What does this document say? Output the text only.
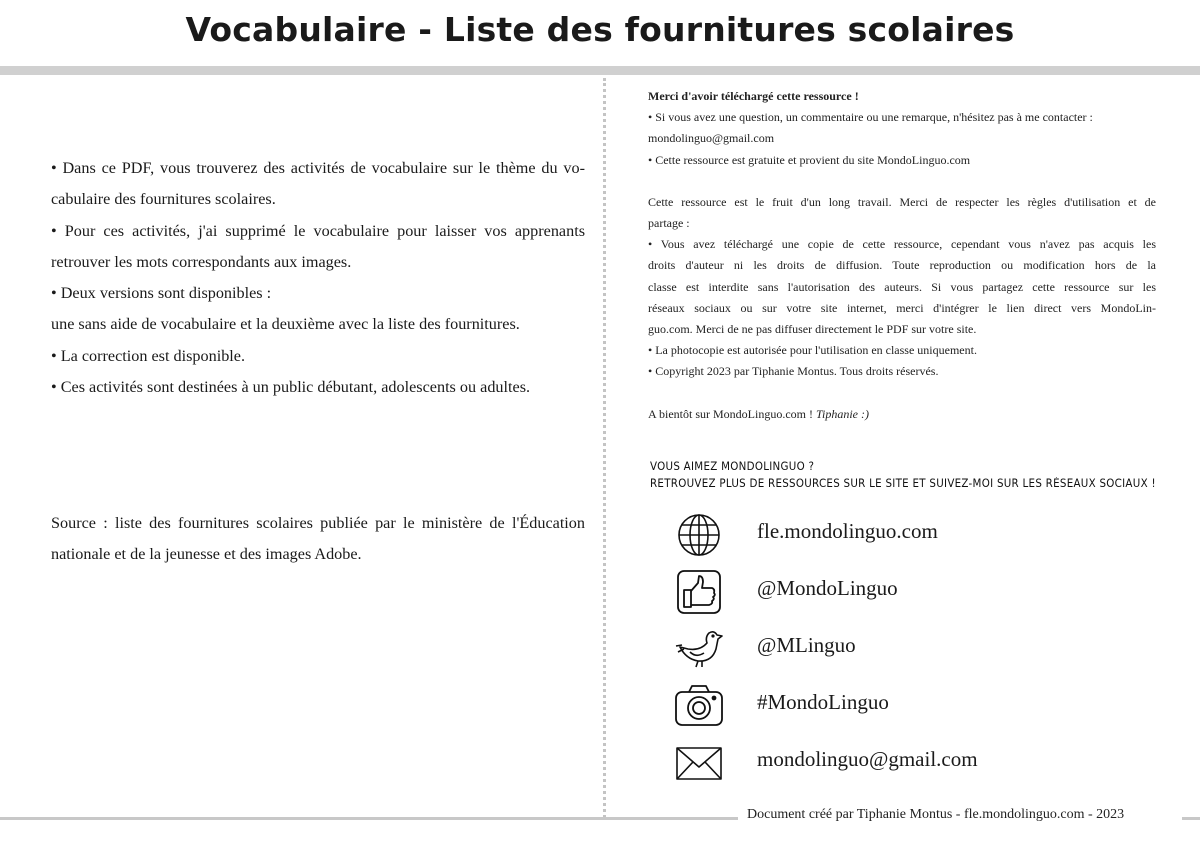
Vocabulaire - Liste des fournitures scolaires

• Dans ce PDF, vous trouverez des activités de vocabulaire sur le thème du vo-

cabulaire des fournitures scolaires.

• Pour ces activités, j'ai supprimé le vocabulaire pour laisser vos apprenants

retrouver les mots correspondants aux images.

• Deux versions sont disponibles :

une sans aide de vocabulaire et la deuxième avec la liste des fournitures.

• La correction est disponible.

• Ces activités sont destinées à un public débutant, adolescents ou adultes.

Source : liste des fournitures scolaires publiée par le ministère de l'Éducation

nationale et de la jeunesse et des images Adobe.

Merci d'avoir téléchargé cette ressource !

• Si vous avez une question, un commentaire ou une remarque, n'hésitez pas à me contacter :

mondolinguo@gmail.com

• Cette ressource est gratuite et provient du site MondoLinguo.com

Cette ressource est le fruit d'un long travail. Merci de respecter les règles d'utilisation et de

partage :

• Vous avez téléchargé une copie de cette ressource, cependant vous n'avez pas acquis les

droits d'auteur ni les droits de diffusion. Toute reproduction ou modification hors de la

classe est interdite sans l'autorisation des auteurs. Si vous partagez cette ressource sur les

réseaux sociaux ou sur votre site internet, merci d'intégrer le lien direct vers MondoLin-

guo.com. Merci de ne pas diffuser directement le PDF sur votre site.

• La photocopie est autorisée pour l'utilisation en classe uniquement.

• Copyright 2023 par Tiphanie Montus. Tous droits réservés.

A bientôt sur MondoLinguo.com ! Tiphanie :)

VOUS AIMEZ MONDOLINGUO ?
RETROUVEZ PLUS DE RESSOURCES SUR LE SITE ET SUIVEZ-MOI SUR LES RÉSEAUX SOCIAUX !
fle.mondolinguo.com
@MondoLinguo
@MLinguo
#MondoLinguo
mondolinguo@gmail.com
Document créé par Tiphanie Montus - fle.mondolinguo.com - 2023
